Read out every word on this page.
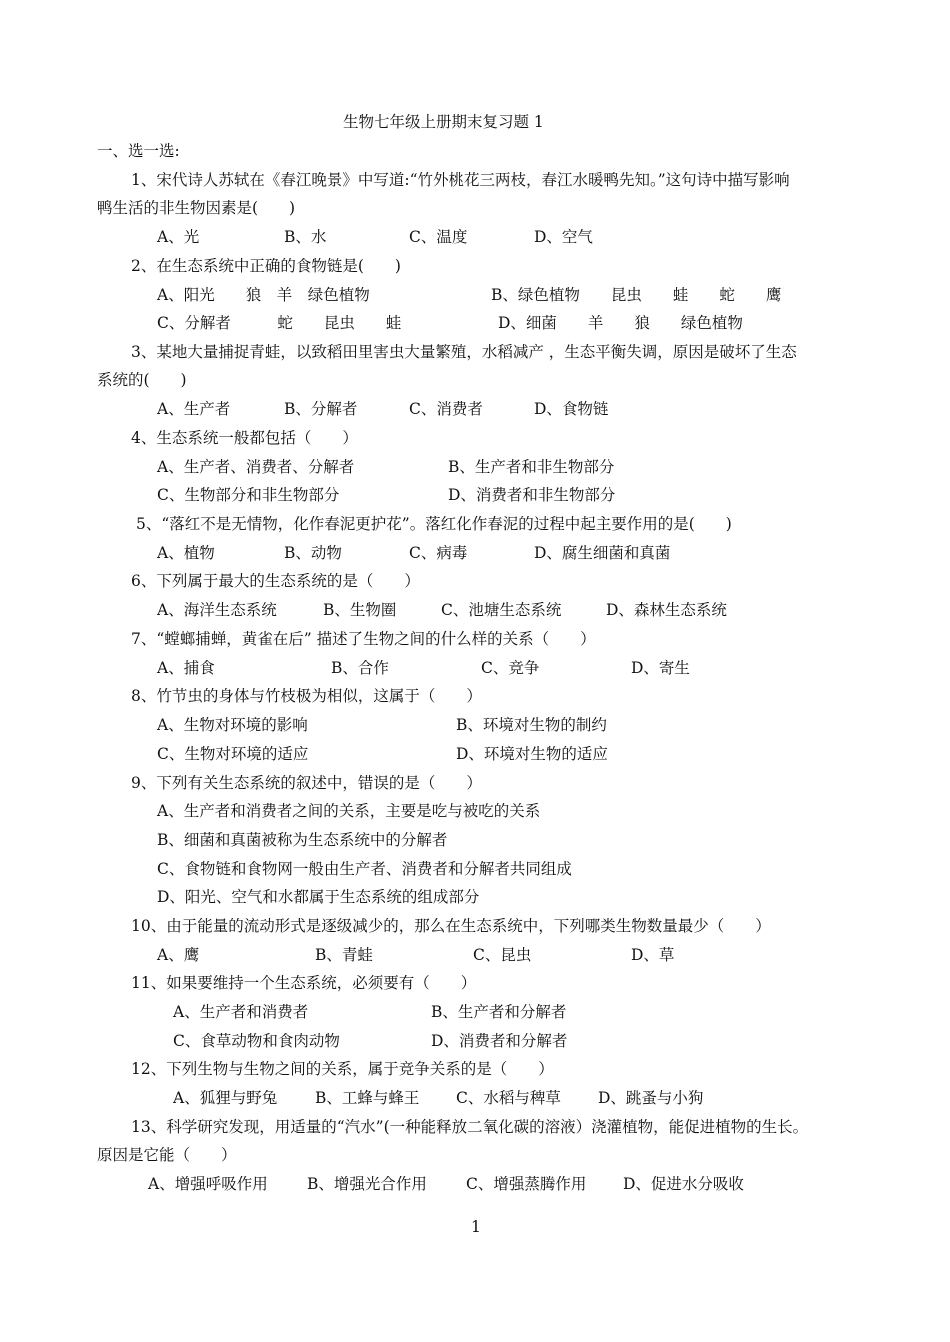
生物七年级上册期末复习题 1
一、选一选:
1、宋代诗人苏轼在《春江晚景》中写道:“竹外桃花三两枝，春江水暖鸭先知。”这句诗中描写影响
鸭生活的非生物因素是(　　)
A、光	B、水	C、温度	D、空气
2、在生态系统中正确的食物链是(　　)
A、阳光　　狼　羊　绿色植物	B、绿色植物　　昆虫　　蛙　　蛇　　鹰
C、分解者　　　蛇　　昆虫　　蛙	D、细菌　　羊　　狼　　绿色植物
3、某地大量捕捉青蛙，以致稻田里害虫大量繁殖，水稻减产 ，生态平衡失调，原因是破坏了生态
系统的(　　)
A、生产者	B、分解者	C、消费者	D、食物链
4、生态系统一般都包括（　　）
A、生产者、消费者、分解者	B、生产者和非生物部分
C、生物部分和非生物部分	D、消费者和非生物部分
5、“落红不是无情物，化作春泥更护花”。落红化作春泥的过程中起主要作用的是(　　)
A、植物	B、动物	C、病毒	D、腐生细菌和真菌
6、下列属于最大的生态系统的是（　　）
A、海洋生态系统	B、生物圈	C、池塘生态系统	D、森林生态系统
7、“螳螂捕蝉，黄雀在后” 描述了生物之间的什么样的关系（　　）
A、捕食	B、合作	C、竞争	D、寄生
8、竹节虫的身体与竹枝极为相似，这属于（　　）
A、生物对环境的影响	B、环境对生物的制约
C、生物对环境的适应	D、环境对生物的适应
9、下列有关生态系统的叙述中，错误的是（　　）
A、生产者和消费者之间的关系，主要是吃与被吃的关系
B、细菌和真菌被称为生态系统中的分解者
C、食物链和食物网一般由生产者、消费者和分解者共同组成
D、阳光、空气和水都属于生态系统的组成部分
10、由于能量的流动形式是逐级减少的，那么在生态系统中，下列哪类生物数量最少（　　）
A、鹰	B、青蛙	C、昆虫	D、草
11、如果要维持一个生态系统，必须要有（　　）
A、生产者和消费者	B、生产者和分解者
C、食草动物和食肉动物	D、消费者和分解者
12、下列生物与生物之间的关系，属于竞争关系的是（　　）
A、狐狸与野兔 B、工蜂与蜂王 C、水稻与稗草 D、跳蚤与小狗
13、科学研究发现，用适量的“汽水”(一种能释放二氧化碳的溶液）浇灌植物，能促进植物的生长。
原因是它能（　　）
A、增强呼吸作用	B、增强光合作用	C、增强蒸腾作用 D、促进水分吸收
1
